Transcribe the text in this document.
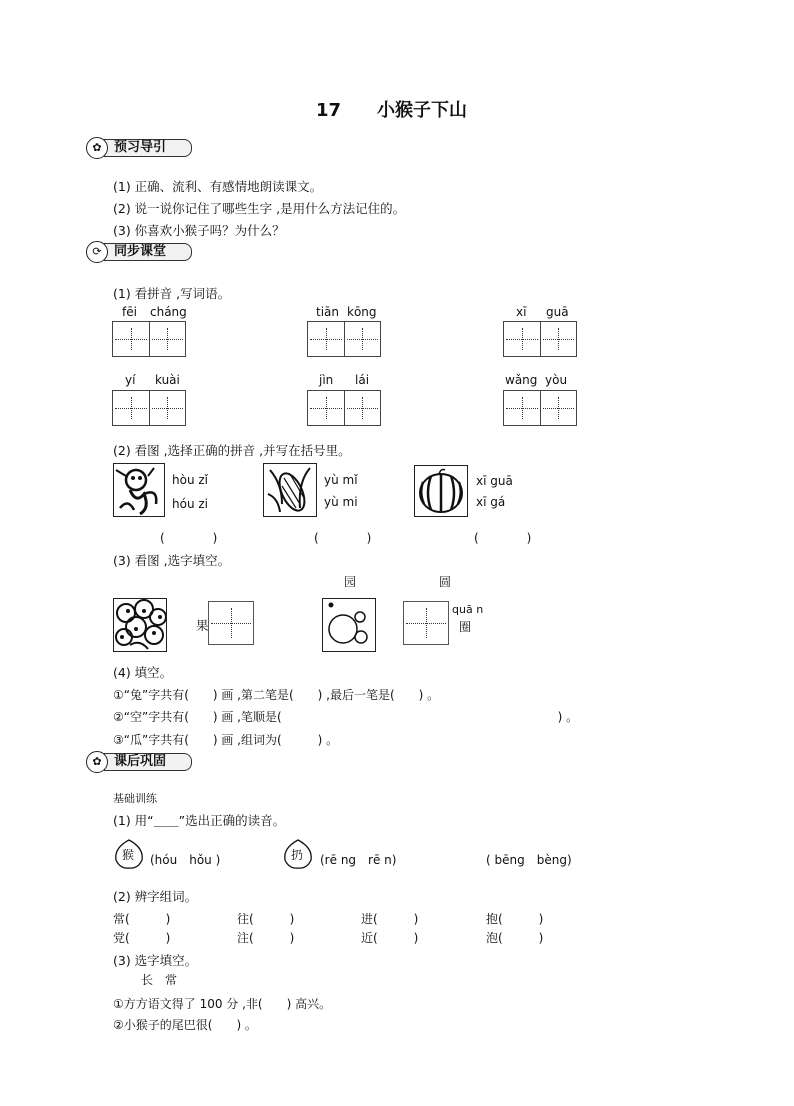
17　　小猴子下山
✿ 预习导引
(1) 正确、流利、有感情地朗读课文。
(2) 说一说你记住了哪些生字 ,是用什么方法记住的。
(3) 你喜欢小猴子吗？为什么？
⟳ 同步课堂
(1) 看拼音 ,写词语。
fēi cháng	tiān kōng	xī guā
yí kuài	jìn lái	wǎng yòu
(2) 看图 ,选择正确的拼音 ,并写在括号里。
hòu zǐ
hóu zi
yù mǐ
yù mi
xī guā
xī gá
(　　　　)	(　　　　)	(　　　　)
(3) 看图 ,选字填空。
园	圆
果
quā n
圈
(4) 填空。
①“兔”字共有(　　) 画 ,第二笔是(　　) ,最后一笔是(　　) 。
②“空”字共有(　　) 画 ,笔顺是(　　　　　　　　　　　　　　　　　　　　　　　) 。
③“瓜”字共有(　　) 画 ,组词为(　　　) 。
✿ 课后巩固
基础训练
(1) 用“＿＿”选出正确的读音。
猴 (hóu　hǒu )	扔 (rē ng　rē n)	( bēng　bèng)
(2) 辨字组词。
常(　　　)	往(　　　)	进(　　　)	抱(　　　)
党(　　　)	注(　　　)	近(　　　)	泡(　　　)
(3) 选字填空。
长　常
①方方语文得了 100 分 ,非(　　) 高兴。
②小猴子的尾巴很(　　) 。
